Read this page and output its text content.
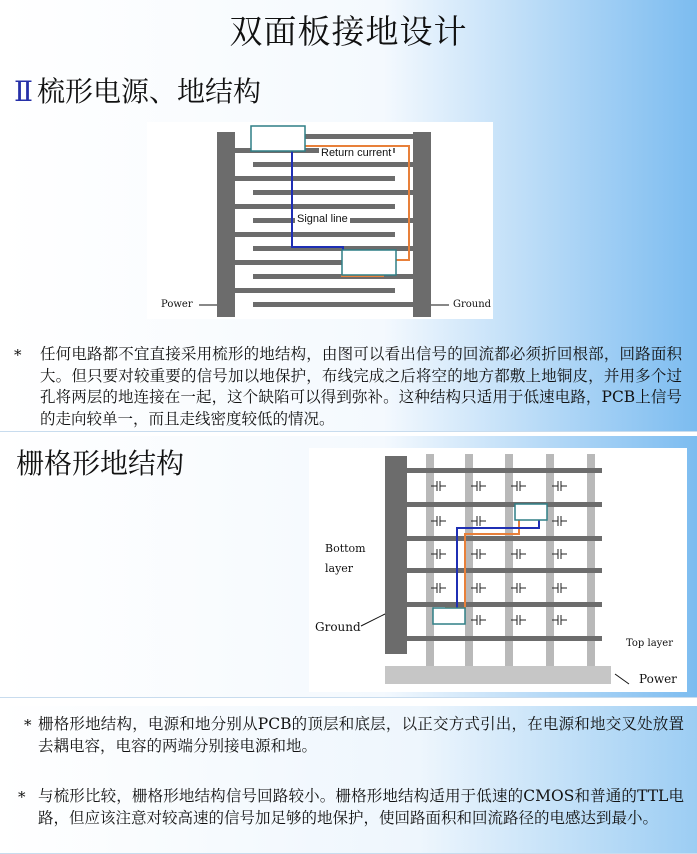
双面板接地设计
Ⅱ 梳形电源、地结构
Return current
Signal line
Power	Ground
* 任何电路都不宜直接采用梳形的地结构，由图可以看出信号的回流都必须折回根部，回路面积大。但只要对较重要的信号加以地保护，布线完成之后将空的地方都敷上地铜皮，并用多个过孔将两层的地连接在一起，这个缺陷可以得到弥补。这种结构只适用于低速电路，PCB上信号的走向较单一，而且走线密度较低的情况。
栅格形地结构
Bottom
layer
Ground
Top layer
Power
* 栅格形地结构，电源和地分别从PCB的顶层和底层，以正交方式引出，在电源和地交叉处放置去耦电容，电容的两端分别接电源和地。
* 与梳形比较，栅格形地结构信号回路较小。栅格形地结构适用于低速的CMOS和普通的TTL电路，但应该注意对较高速的信号加足够的地保护，使回路面积和回流路径的电感达到最小。
